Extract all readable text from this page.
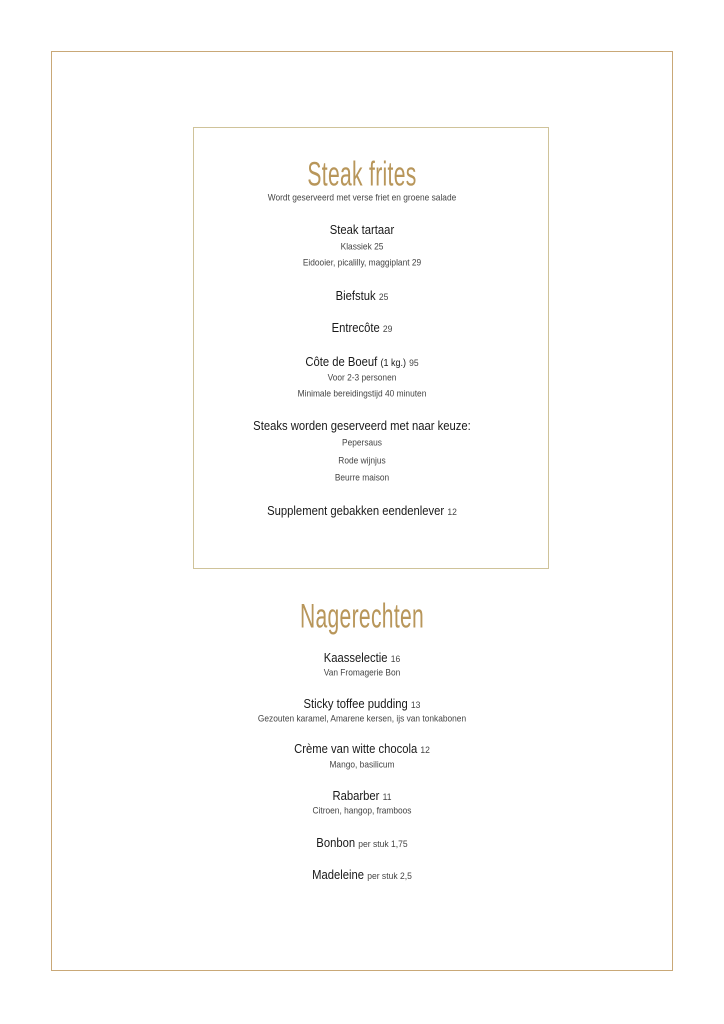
Steak frites
Wordt geserveerd met verse friet en groene salade
Steak tartaar
Klassiek 25
Eidooier, picalilly, maggiplant 29
Biefstuk 25
Entrecôte 29
Côte de Boeuf (1 kg.) 95
Voor 2-3 personen
Minimale bereidingstijd 40 minuten
Steaks worden geserveerd met naar keuze:
Pepersaus
Rode wijnjus
Beurre maison
Supplement gebakken eendenlever 12
Nagerechten
Kaasselectie 16
Van Fromagerie Bon
Sticky toffee pudding 13
Gezouten karamel, Amarene kersen, ijs van tonkabonen
Crème van witte chocola 12
Mango, basilicum
Rabarber 11
Citroen, hangop, framboos
Bonbon per stuk 1,75
Madeleine per stuk 2,5
